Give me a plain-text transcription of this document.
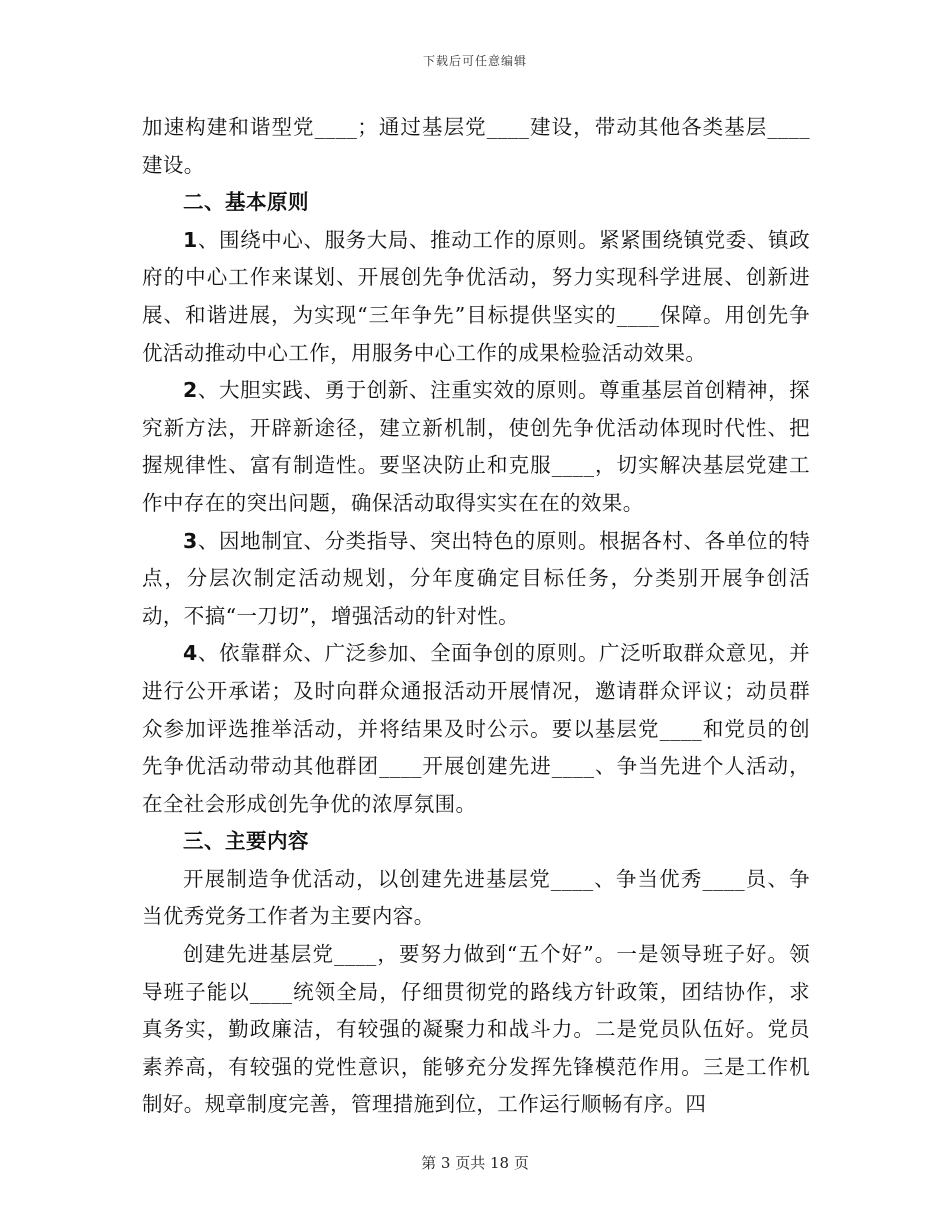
下载后可任意编辑

加速构建和谐型党____；通过基层党____建设，带动其他各类基层____建设。

二、基本原则

1、围绕中心、服务大局、推动工作的原则。紧紧围绕镇党委、镇政府的中心工作来谋划、开展创先争优活动，努力实现科学进展、创新进展、和谐进展，为实现“三年争先”目标提供坚实的____保障。用创先争优活动推动中心工作，用服务中心工作的成果检验活动效果。

2、大胆实践、勇于创新、注重实效的原则。尊重基层首创精神，探究新方法，开辟新途径，建立新机制，使创先争优活动体现时代性、把握规律性、富有制造性。要坚决防止和克服____，切实解决基层党建工作中存在的突出问题，确保活动取得实实在在的效果。

3、因地制宜、分类指导、突出特色的原则。根据各村、各单位的特点，分层次制定活动规划，分年度确定目标任务，分类别开展争创活动，不搞“一刀切”，增强活动的针对性。

4、依靠群众、广泛参加、全面争创的原则。广泛听取群众意见，并进行公开承诺；及时向群众通报活动开展情况，邀请群众评议；动员群众参加评选推举活动，并将结果及时公示。要以基层党____和党员的创先争优活动带动其他群团____开展创建先进____、争当先进个人活动，在全社会形成创先争优的浓厚氛围。

三、主要内容

开展制造争优活动，以创建先进基层党____、争当优秀____员、争当优秀党务工作者为主要内容。

创建先进基层党____，要努力做到“五个好”。一是领导班子好。领导班子能以____统领全局，仔细贯彻党的路线方针政策，团结协作，求真务实，勤政廉洁，有较强的凝聚力和战斗力。二是党员队伍好。党员素养高，有较强的党性意识，能够充分发挥先锋模范作用。三是工作机制好。规章制度完善，管理措施到位，工作运行顺畅有序。四

第 3 页共 18 页
